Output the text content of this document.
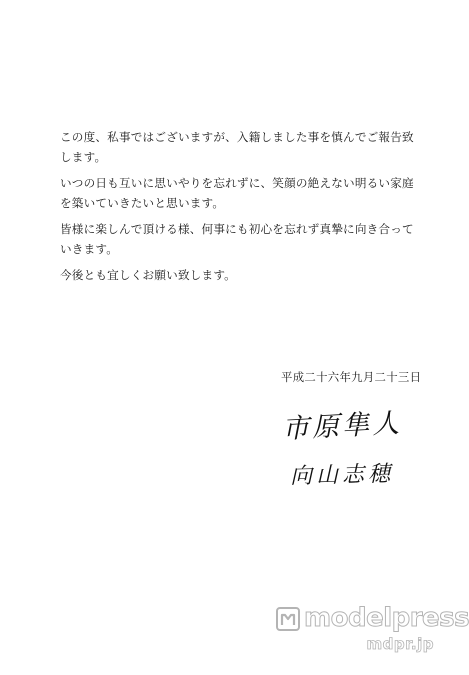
この度、私事ではございますが、入籍しました事を慎んでご報告致
します。
いつの日も互いに思いやりを忘れずに、笑顔の絶えない明るい家庭
を築いていきたいと思います。
皆様に楽しんで頂ける様、何事にも初心を忘れず真摯に向き合って
いきます。
今後とも宜しくお願い致します。
平成二十六年九月二十三日
市原隼人
向山志穂
modelpress
mdpr.jp
